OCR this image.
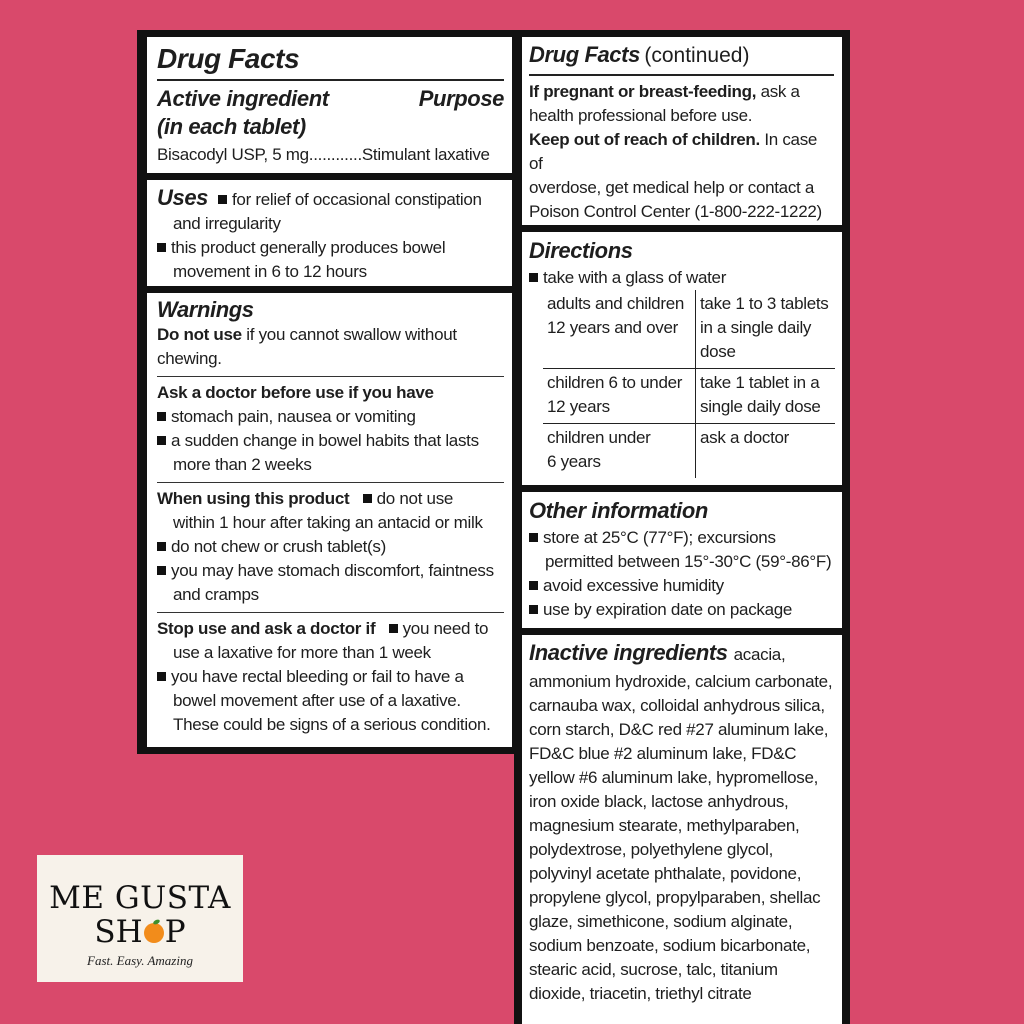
Drug Facts
Active ingredient	Purpose
(in each tablet)
Bisacodyl USP, 5 mg............Stimulant laxative
Uses for relief of occasional constipation
and irregularity
this product generally produces bowel
movement in 6 to 12 hours
Warnings
Do not use if you cannot swallow without
chewing.
Ask a doctor before use if you have
stomach pain, nausea or vomiting
a sudden change in bowel habits that lasts
more than 2 weeks
When using this product do not use
within 1 hour after taking an antacid or milk
do not chew or crush tablet(s)
you may have stomach discomfort, faintness
and cramps
Stop use and ask a doctor if you need to
use a laxative for more than 1 week
you have rectal bleeding or fail to have a
bowel movement after use of a laxative.
These could be signs of a serious condition.
Drug Facts (continued)
If pregnant or breast-feeding, ask a
health professional before use.
Keep out of reach of children. In case of
overdose, get medical help or contact a
Poison Control Center (1-800-222-1222)
Directions
take with a glass of water
adults and children
12 years and over	take 1 to 3 tablets
in a single daily
dose
children 6 to under
12 years	take 1 tablet in a
single daily dose
children under
6 years	ask a doctor
Other information
store at 25°C (77°F); excursions
permitted between 15°-30°C (59°-86°F)
avoid excessive humidity
use by expiration date on package
Inactive ingredients acacia,
ammonium hydroxide, calcium carbonate,
carnauba wax, colloidal anhydrous silica,
corn starch, D&C red #27 aluminum lake,
FD&C blue #2 aluminum lake, FD&C
yellow #6 aluminum lake, hypromellose,
iron oxide black, lactose anhydrous,
magnesium stearate, methylparaben,
polydextrose, polyethylene glycol,
polyvinyl acetate phthalate, povidone,
propylene glycol, propylparaben, shellac
glaze, simethicone, sodium alginate,
sodium benzoate, sodium bicarbonate,
stearic acid, sucrose, talc, titanium
dioxide, triacetin, triethyl citrate
ME GUSTA
SH P
Fast. Easy. Amazing
